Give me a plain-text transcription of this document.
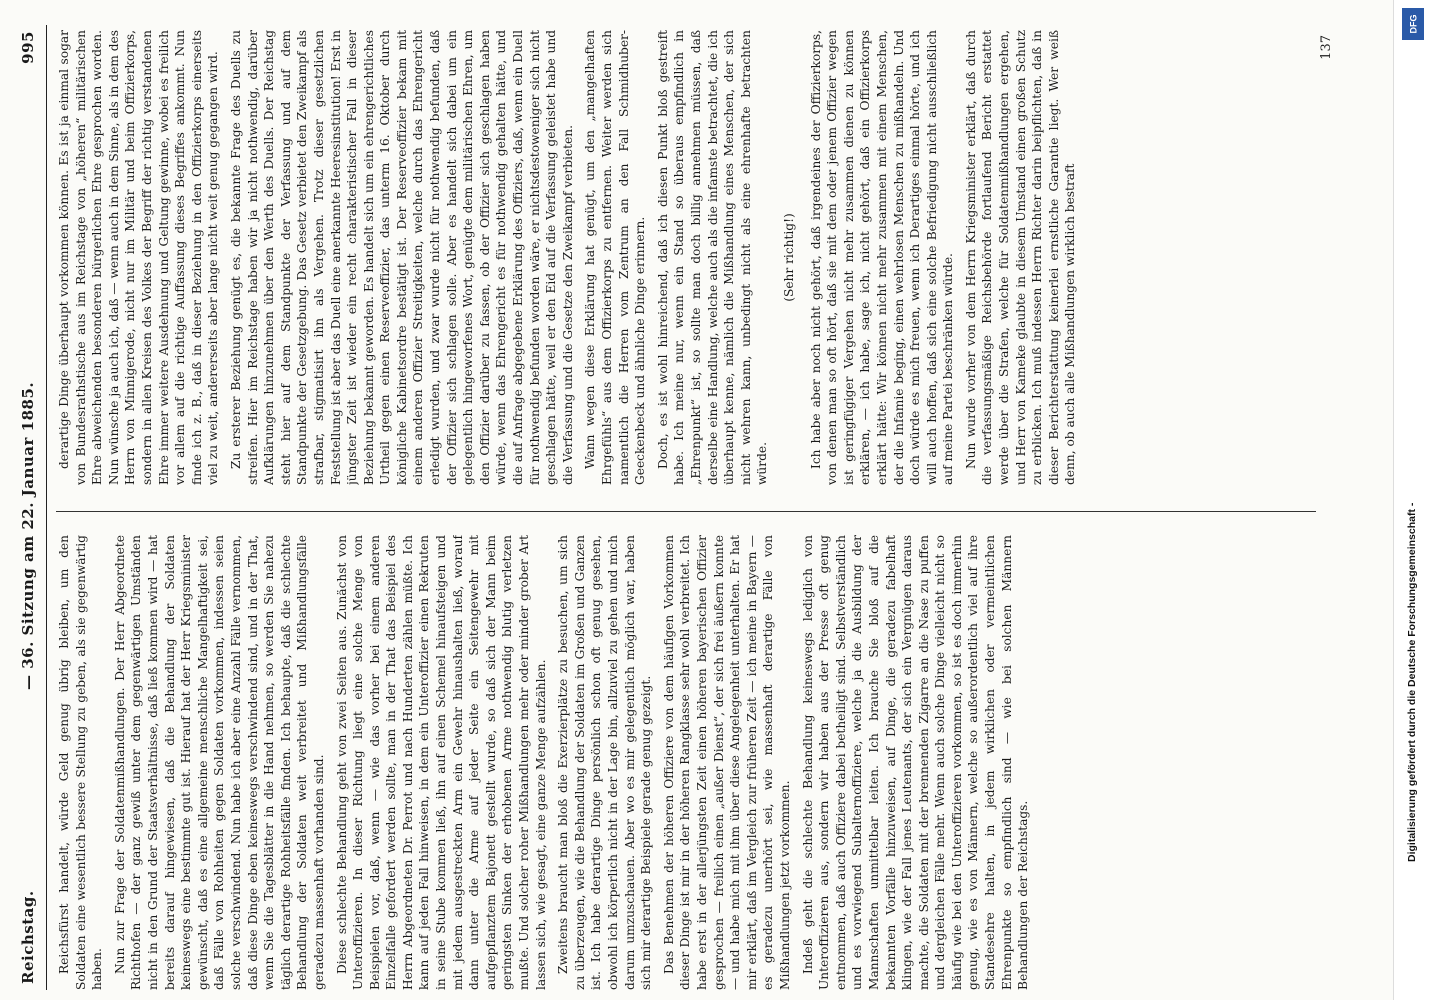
Reichstag.
— 36. Sitzung am 22. Januar 1885.
995

Reichsfürst handelt, würde Geld genug übrig bleiben, um den Soldaten eine wesentlich bessere Stellung zu geben, als sie gegenwärtig haben. Nun zur Frage der Soldatenmißhandlungen. Der Herr Abgeordnete Richthofen — der ganz gewiß unter dem gegenwärtigen Umständen nicht in den Grund der Staatsverhältnisse, daß ließ kommen wird — hat bereits darauf hingewiesen, daß die Behandlung der Soldaten keineswegs eine bestimmte gut ist. Hierauf hat der Herr Kriegsminister gewünscht, daß es eine allgemeine menschliche Mangelhaftigkeit sei, daß Fälle von Rohheiten gegen Soldaten vorkommen, indessen seien solche verschwindend. Nun habe ich aber eine Anzahl Fälle vernommen, daß diese Dinge eben keineswegs verschwindend sind, und in der That, wenn Sie die Tagesblätter in die Hand nehmen, so werden Sie nahezu täglich derartige Rohheitsfälle finden. Ich behaupte, daß die schlechte Behandlung der Soldaten weit verbreitet und Mißhandlungsfälle geradezu massenhaft vorhanden sind. Diese schlechte Behandlung geht von zwei Seiten aus. Zunächst von Unteroffizieren. In dieser Richtung liegt eine solche Menge von Beispielen vor, daß, wenn — wie das vorher bei einem anderen Einzelfalle gefordert werden sollte, man in der That das Beispiel des Herrn Abgeordneten Dr. Perrot und nach Hunderten zählen müßte. Ich kann auf jeden Fall hinweisen, in dem ein Unteroffizier einen Rekruten in seine Stube kommen ließ, ihn auf einen Schemel hinaufsteigen und mit jedem ausgestreckten Arm ein Gewehr hinaushalten ließ, worauf dann unter die Arme auf jeder Seite ein Seitengewehr mit aufgepflanztem Bajonett gestellt wurde, so daß sich der Mann beim geringsten Sinken der erhobenen Arme nothwendig blutig verletzen mußte. Und solcher roher Mißhandlungen mehr oder minder grober Art lassen sich, wie gesagt, eine ganze Menge aufzählen. Zweitens braucht man bloß die Exerzierplätze zu besuchen, um sich zu überzeugen, wie die Behandlung der Soldaten im Großen und Ganzen ist. Ich habe derartige Dinge persönlich schon oft genug gesehen, obwohl ich körperlich nicht in der Lage bin, allzuviel zu gehen und mich darum umzuschauen. Aber wo es mir gelegentlich möglich war, haben sich mir derartige Beispiele gerade genug gezeigt. Das Benehmen der höheren Offiziere von dem häufigen Vorkommen dieser Dinge ist mir in der höheren Rangklasse sehr wohl verbreitet. Ich habe erst in der allerjüngsten Zeit einen höheren bayerischen Offizier gesprochen — freilich einen „außer Dienst“, der sich frei äußern konnte — und habe mich mit ihm über diese Angelegenheit unterhalten. Er hat mir erklärt, daß im Vergleich zur früheren Zeit — ich meine in Bayern — es geradezu unerhört sei, wie massenhaft derartige Fälle von Mißhandlungen jetzt vorkommen. Indeß geht die schlechte Behandlung keineswegs lediglich von Unteroffizieren aus, sondern wir haben aus der Presse oft genug entnommen, daß auch Offiziere dabei betheiligt sind. Selbstverständlich und es vorwiegend Subalternoffiziere, welche ja die Ausbildung der Mannschaften unmittelbar leiten. Ich brauche Sie bloß auf die bekannten Vorfälle hinzuweisen, auf Dinge, die geradezu fabelhaft klingen, wie der Fall jenes Leutenants, der sich ein Vergnügen daraus machte, die Soldaten mit der brennenden Zigarre an die Nase zu puffen und dergleichen Fälle mehr. Wenn auch solche Dinge vielleicht nicht so häufig wie bei den Unteroffizieren vorkommen, so ist es doch immerhin genug, wie es von Männern, welche so außerordentlich viel auf ihre Standesehre halten, in jedem wirklichen oder vermeintlichen Ehrenpunkte so empfindlich sind — wie bei solchen Männern Behandlungen der Reichstags.

derartige Dinge überhaupt vorkommen können. Es ist ja einmal sogar von Bundesrathstische aus im Reichstage von „höheren“ militärischen Ehre abweichenden besonderen bürgerlichen Ehre gesprochen worden. Nun wünsche ja auch ich, daß — wenn auch in dem Sinne, als in dem des Herrn von Minnigerode, nicht nur im Militär und beim Offizierkorps, sondern in allen Kreisen des Volkes der Begriff der richtig verstandenen Ehre immer weitere Ausdehnung und Geltung gewinne, wobei es freilich vor allem auf die richtige Auffassung dieses Begriffes ankommt. Nun finde ich z. B., daß in dieser Beziehung in den Offizierkorps einerseits viel zu weit, andererseits aber lange nicht weit genug gegangen wird. Zu ersterer Beziehung genügt es, die bekannte Frage des Duells zu streifen. Hier im Reichstage haben wir ja nicht nothwendig, darüber Aufklärungen hinzunehmen über den Werth des Duells. Der Reichstag steht hier auf dem Standpunkte der Verfassung und auf dem Standpunkte der Gesetzgebung. Das Gesetz verbietet den Zweikampf als strafbar, stigmatisirt ihn als Vergehen. Trotz dieser gesetzlichen Feststellung ist aber das Duell eine anerkannte Heeresinstitution! Erst in jüngster Zeit ist wieder ein recht charakteristischer Fall in dieser Beziehung bekannt geworden. Es handelt sich um ein ehrengerichtliches Urtheil gegen einen Reserveoffizier, das unterm 16. Oktober durch königliche Kabinetsordre bestätigt ist. Der Reserveoffizier bekam mit einem anderen Offizier Streitigkeiten, welche durch das Ehrengericht erledigt wurden, und zwar wurde nicht für nothwendig befunden, daß der Offizier sich schlagen solle. Aber es handelt sich dabei um ein gelegentlich hingeworfenes Wort, genügte dem militärischen Ehren, um den Offizier darüber zu fassen, ob der Offizier sich geschlagen haben würde, wenn das Ehrengericht es für nothwendig gehalten hätte, und die auf Anfrage abgegebene Erklärung des Offiziers, daß, wenn ein Duell für nothwendig befunden worden wäre, er nichtsdestoweniger sich nicht geschlagen hätte, weil er den Eid auf die Verfassung geleistet habe und die Verfassung und die Gesetze den Zweikampf verbieten. Wann wegen diese Erklärung hat genügt, um den „mangelhaften Ehrgefühls“ aus dem Offizierkorps zu entfernen. Weiter werden sich namentlich die Herren vom Zentrum an den Fall Schmidhuber-Geeckenbeck und ähnliche Dinge erinnern. Doch, es ist wohl hinreichend, daß ich diesen Punkt bloß gestreift habe. Ich meine nur, wenn ein Stand so überaus empfindlich in „Ehrenpunkt“ ist, so sollte man doch billig annehmen müssen, daß derselbe eine Handlung, welche auch als die infamste betrachtet, die ich überhaupt kenne, nämlich die Mißhandlung eines Menschen, der sich nicht wehren kann, unbedingt nicht als eine ehrenhafte betrachten würde.

(Sehr richtig!) Ich habe aber noch nicht gehört, daß irgendeines der Offizierkorps, von denen man so oft hört, daß sie mit dem oder jenem Offizier wegen ist geringfügiger Vergehen nicht mehr zusammen dienen zu können erklären, — ich habe, sage ich, nicht gehört, daß ein Offizierkorps erklärt hätte: Wir können nicht mehr zusammen mit einem Menschen, der die Infamie beging, einen wehrlosen Menschen zu mißhandeln. Und doch würde es mich freuen, wenn ich Derartiges einmal hörte, und ich will auch hoffen, daß sich eine solche Befriedigung nicht ausschließlich auf meine Partei beschränken würde. Nun wurde vorher von dem Herrn Kriegsminister erklärt, daß durch die verfassungsmäßige Reichsbehörde fortlaufend Bericht erstattet werde über die Strafen, welche für Soldatenmißhandlungen ergehen, und Herr von Kameke glaubte in diesem Umstand einen großen Schutz zu erblicken. Ich muß indessen Herrn Richter darin beipflichten, daß in dieser Berichterstattung keinerlei ernstliche Garantie liegt. Wer weiß denn, ob auch alle Mißhandlungen wirklich bestraft

137
Digitalisierung gefördert durch die Deutsche Forschungsgemeinschaft -
DFG
